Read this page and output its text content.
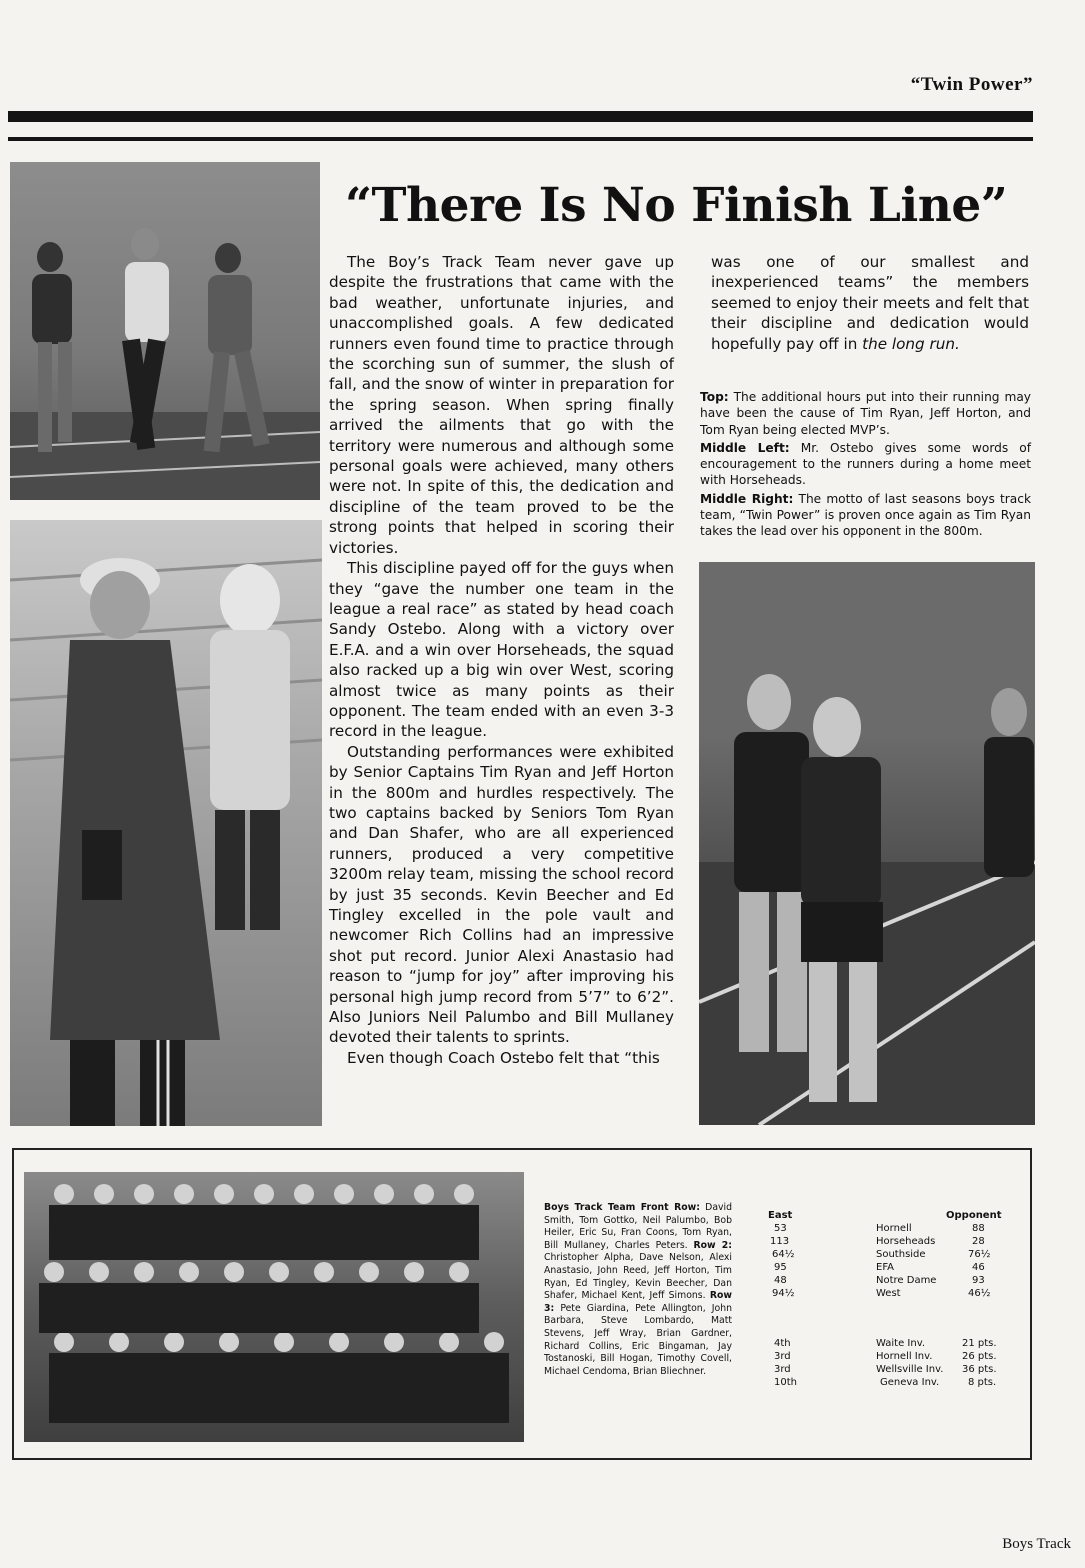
“Twin Power”
“There Is No Finish Line”

The Boy’s Track Team never gave up despite the frustrations that came with the bad weather, unfortunate injuries, and unaccomplished goals. A few dedicated runners even found time to practice through the scorching sun of summer, the slush of fall, and the snow of winter in preparation for the spring season. When spring finally arrived the ailments that go with the territory were numerous and although some personal goals were achieved, many others were not. In spite of this, the dedication and discipline of the team proved to be the strong points that helped in scoring their victories.

This discipline payed off for the guys when they “gave the number one team in the league a real race” as stated by head coach Sandy Ostebo. Along with a victory over E.F.A. and a win over Horseheads, the squad also racked up a big win over West, scoring almost twice as many points as their opponent. The team ended with an even 3-3 record in the league.

Outstanding performances were exhibited by Senior Captains Tim Ryan and Jeff Horton in the 800m and hurdles respectively. The two captains backed by Seniors Tom Ryan and Dan Shafer, who are all experienced runners, produced a very competitive 3200m relay team, missing the school record by just 35 seconds. Kevin Beecher and Ed Tingley excelled in the pole vault and newcomer Rich Collins had an impressive shot put record. Junior Alexi Anastasio had reason to “jump for joy” after improving his personal high jump record from 5’7” to 6’2”. Also Juniors Neil Palumbo and Bill Mullaney devoted their talents to sprints.

Even though Coach Ostebo felt that “this

was one of our smallest and inexperienced teams” the members seemed to enjoy their meets and felt that their discipline and dedication would hopefully pay off in the long run.

Top: The additional hours put into their running may have been the cause of Tim Ryan, Jeff Horton, and Tom Ryan being elected MVP’s.

Middle Left: Mr. Ostebo gives some words of encouragement to the runners during a home meet with Horseheads.

Middle Right: The motto of last seasons boys track team, “Twin Power” is proven once again as Tim Ryan takes the lead over his opponent in the 800m.

Boys Track Team Front Row: David Smith, Tom Gottko, Neil Palumbo, Bob Heiler, Eric Su, Fran Coons, Tom Ryan, Bill Mullaney, Charles Peters. Row 2: Christopher Alpha, Dave Nelson, Alexi Anastasio, John Reed, Jeff Horton, Tim Ryan, Ed Tingley, Kevin Beecher, Dan Shafer, Michael Kent, Jeff Simons. Row 3: Pete Giardina, Pete Allington, John Barbara, Steve Lombardo, Matt Stevens, Jeff Wray, Brian Gardner, Richard Collins, Eric Bingaman, Jay Tostanoski, Bill Hogan, Timothy Covell, Michael Cendoma, Brian Bliechner.
East	Opponent
53	Hornell	88
113	Horseheads	28
64½	Southside	76½
95	EFA	46
48	Notre Dame	93
94½	West	46½
4th	Waite Inv.	21 pts.
3rd	Hornell Inv.	26 pts.
3rd	Wellsville Inv. 36 pts.
10th	Geneva Inv.	8 pts.
Boys Track
